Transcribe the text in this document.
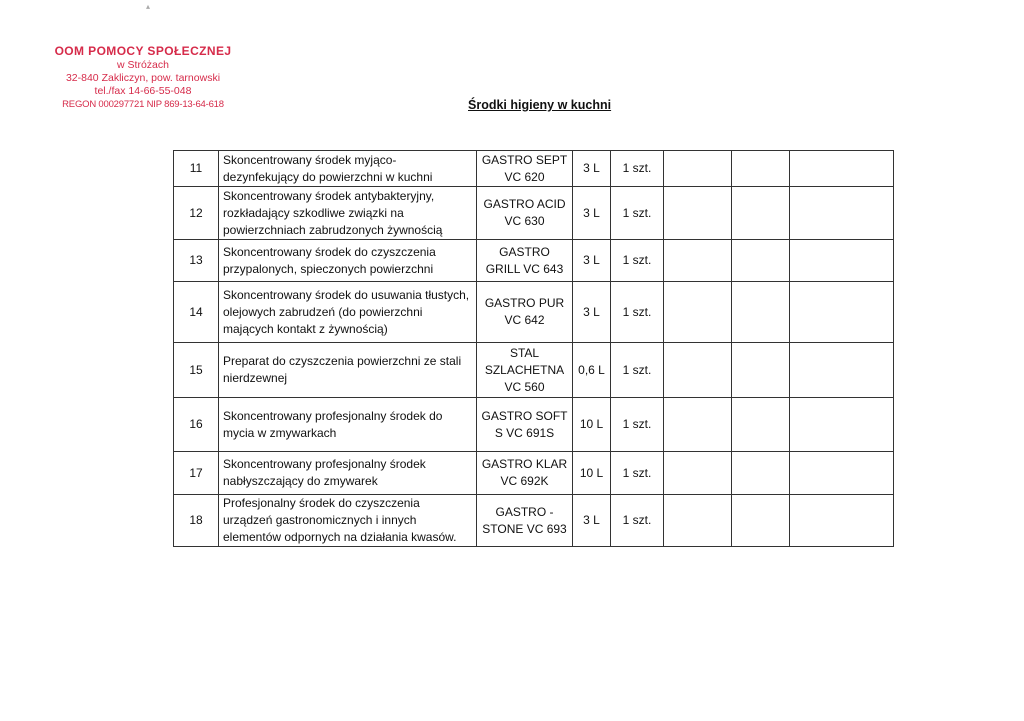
OOM POMOCY SPOŁECZNEJ
w Stróżach
32-840 Zakliczyn, pow. tarnowski
tel./fax 14-66-55-048
REGON 000297721 NIP 869-13-64-618	Środki higieny w kuchni
11	Skoncentrowany środek myjąco-dezynfekujący do powierzchni w kuchni	GASTRO SEPT VC 620	3 L	1 szt.			
12	Skoncentrowany środek antybakteryjny, rozkładający szkodliwe związki na powierzchniach zabrudzonych żywnością	GASTRO ACID VC 630	3 L	1 szt.			
13	Skoncentrowany środek do czyszczenia przypalonych, spieczonych powierzchni	GASTRO GRILL VC 643	3 L	1 szt.			
14	Skoncentrowany środek do usuwania tłustych, olejowych zabrudzeń (do powierzchni mających kontakt z żywnością)	GASTRO PUR VC 642	3 L	1 szt.			
15	Preparat do czyszczenia powierzchni ze stali nierdzewnej	STAL SZLACHETNA VC 560	0,6 L	1 szt.			
16	Skoncentrowany profesjonalny środek do mycia w zmywarkach	GASTRO SOFT S VC 691S	10 L	1 szt.			
17	Skoncentrowany profesjonalny środek nabłyszczający do zmywarek	GASTRO KLAR VC 692K	10 L	1 szt.			
18	Profesjonalny środek do czyszczenia urządzeń gastronomicznych i innych elementów odpornych na działania kwasów.	GASTRO - STONE VC 693	3 L	1 szt.			
▴
